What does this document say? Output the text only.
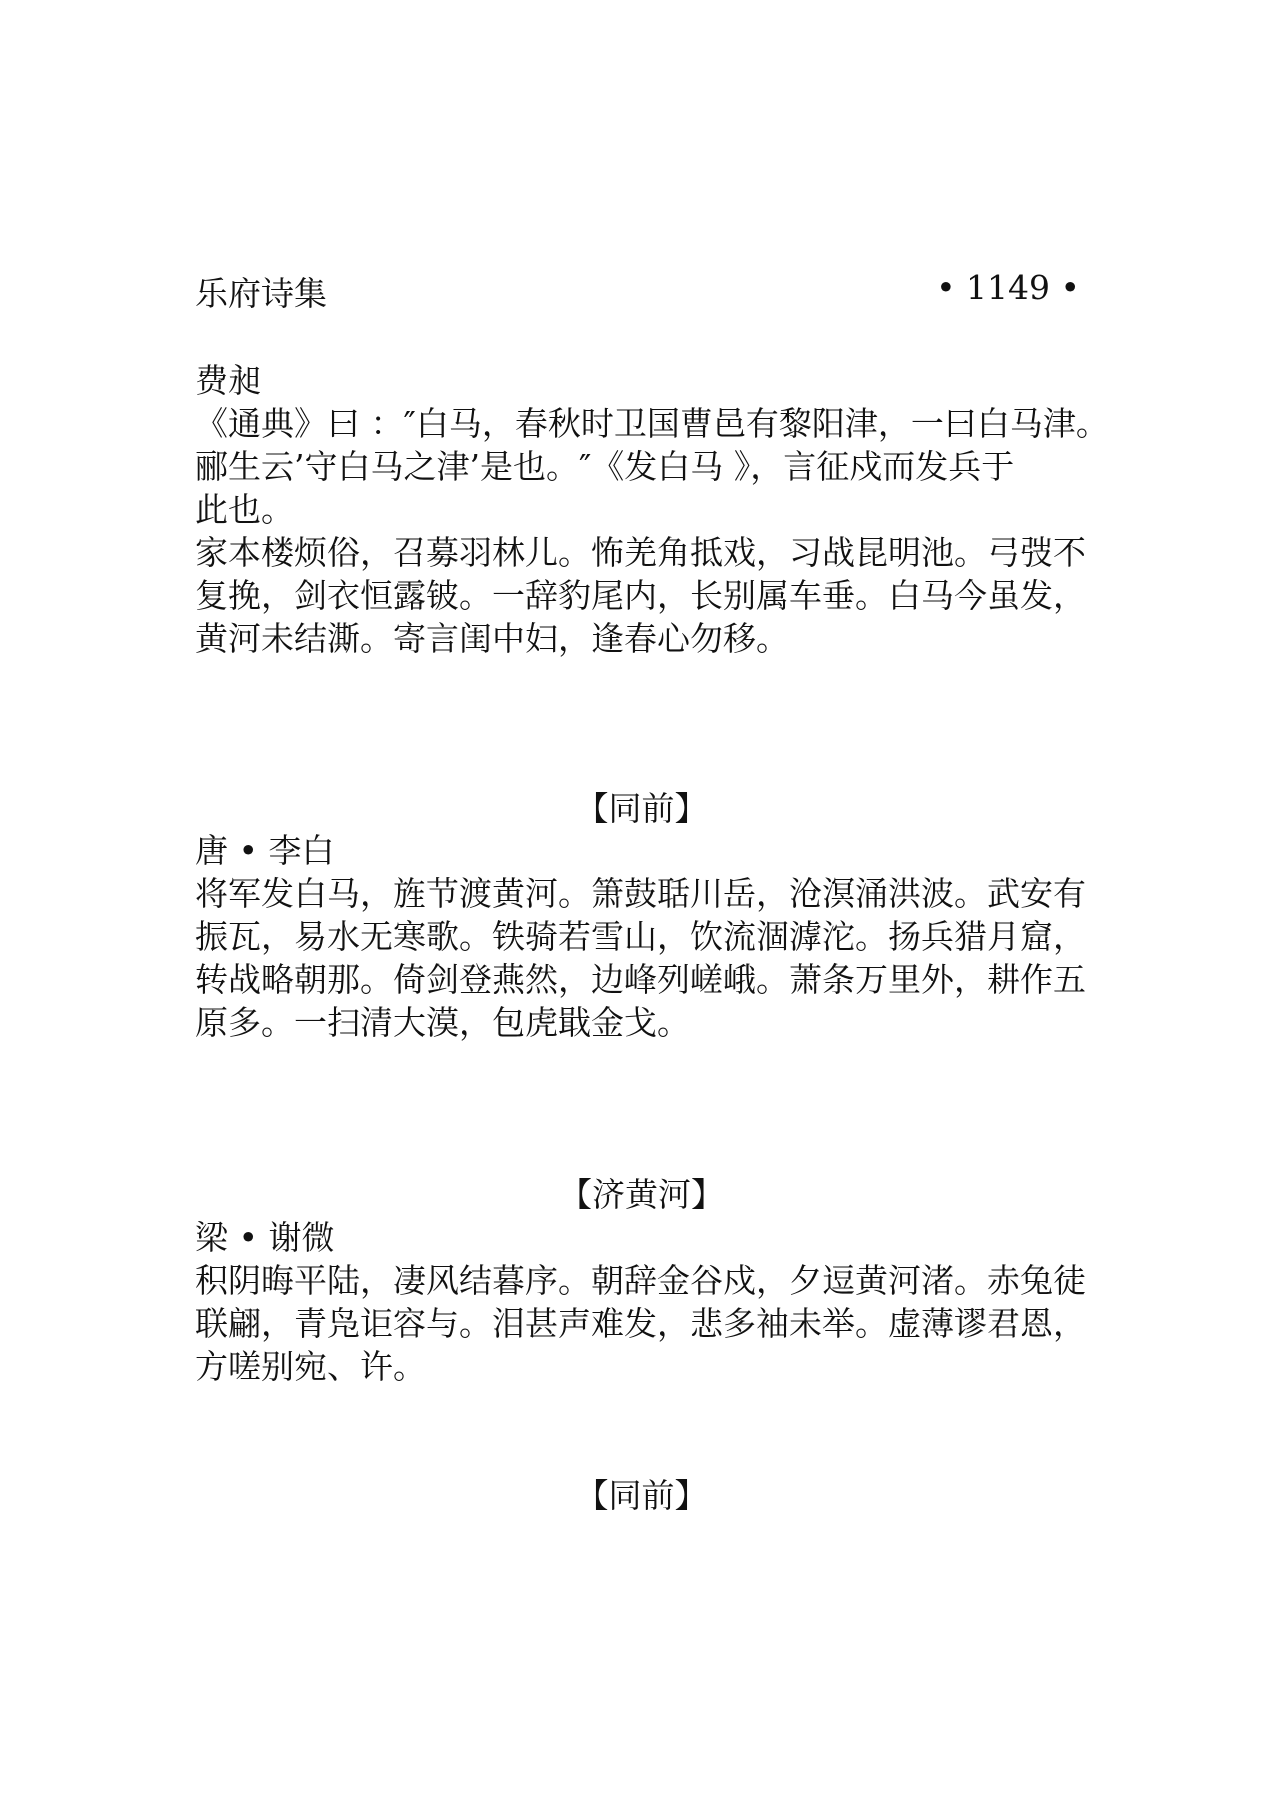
乐府诗集	• 1149 •
费昶
《通典》曰 ：″白马，春秋时卫国曹邑有黎阳津，一曰白马津。
郦生云’守白马之津’是也。″《发白马 》，言征戍而发兵于
此也。
家本楼烦俗，召募羽林儿。怖羌角抵戏，习战昆明池。弓弢不
复挽，剑衣恒露铍。一辞豹尾内，长别属车垂。白马今虽发，
黄河未结澌。寄言闺中妇，逢春心勿移。
【同前】
唐 • 李白
将军发白马，旌节渡黄河。箫鼓聒川岳，沧溟涌洪波。武安有
振瓦，易水无寒歌。铁骑若雪山，饮流涸滹沱。扬兵猎月窟，
转战略朝那。倚剑登燕然，边峰列嵯峨。萧条万里外，耕作五
原多。一扫清大漠，包虎戢金戈。
【济黄河】
梁 • 谢微
积阴晦平陆，凄风结暮序。朝辞金谷戍，夕逗黄河渚。赤兔徒
联翩，青凫讵容与。泪甚声难发，悲多袖未举。虚薄谬君恩，
方嗟别宛、许。
【同前】
